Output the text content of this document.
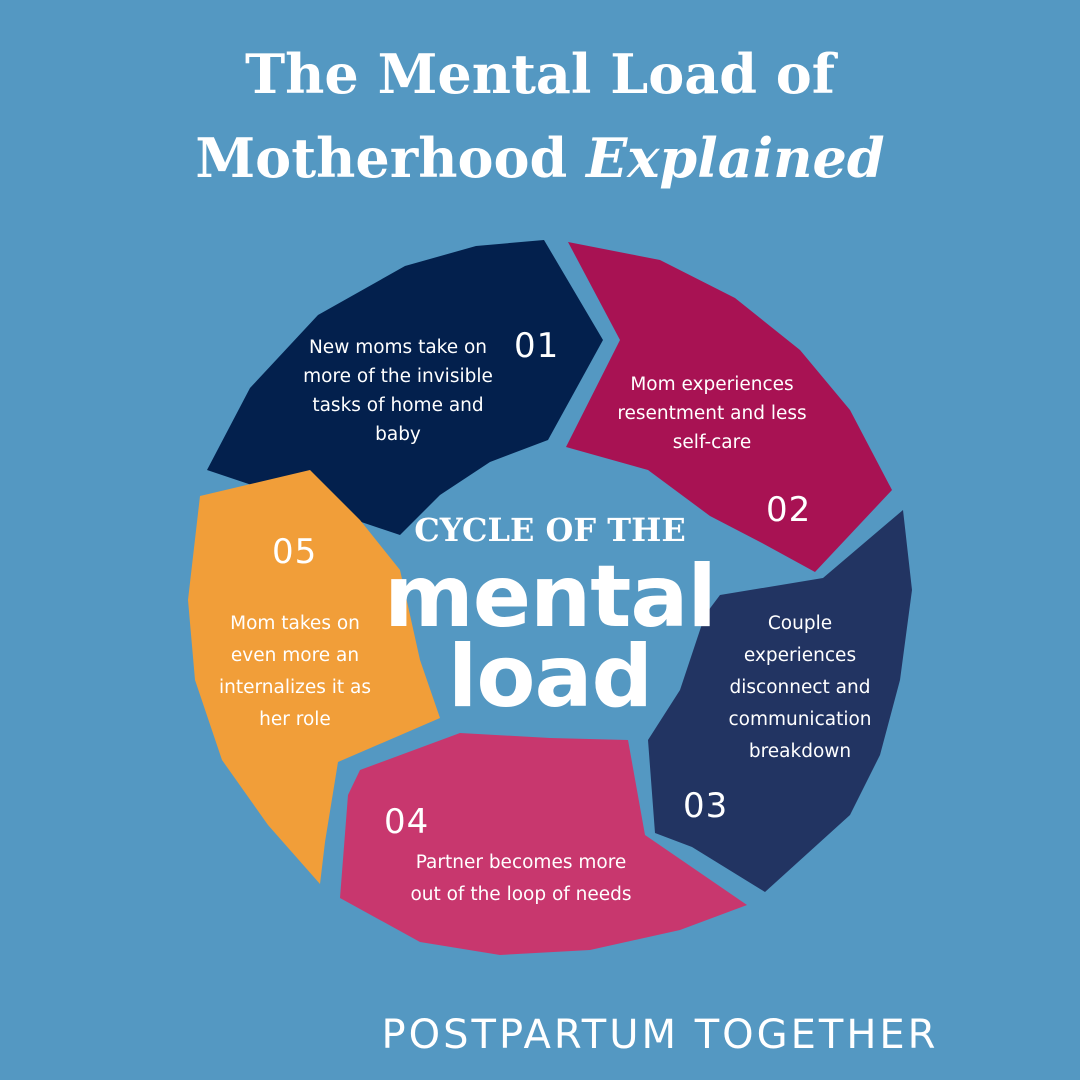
The Mental Load of
Motherhood Explained
01
New moms take on
more of the invisible
tasks of home and
baby
02
Mom experiences
resentment and less
self-care
03
Couple
experiences
disconnect and
communication
breakdown
04
Partner becomes more
out of the loop of needs
05
Mom takes on
even more an
internalizes it as
her role
CYCLE OF THE
mental
load
POSTPARTUM TOGETHER
